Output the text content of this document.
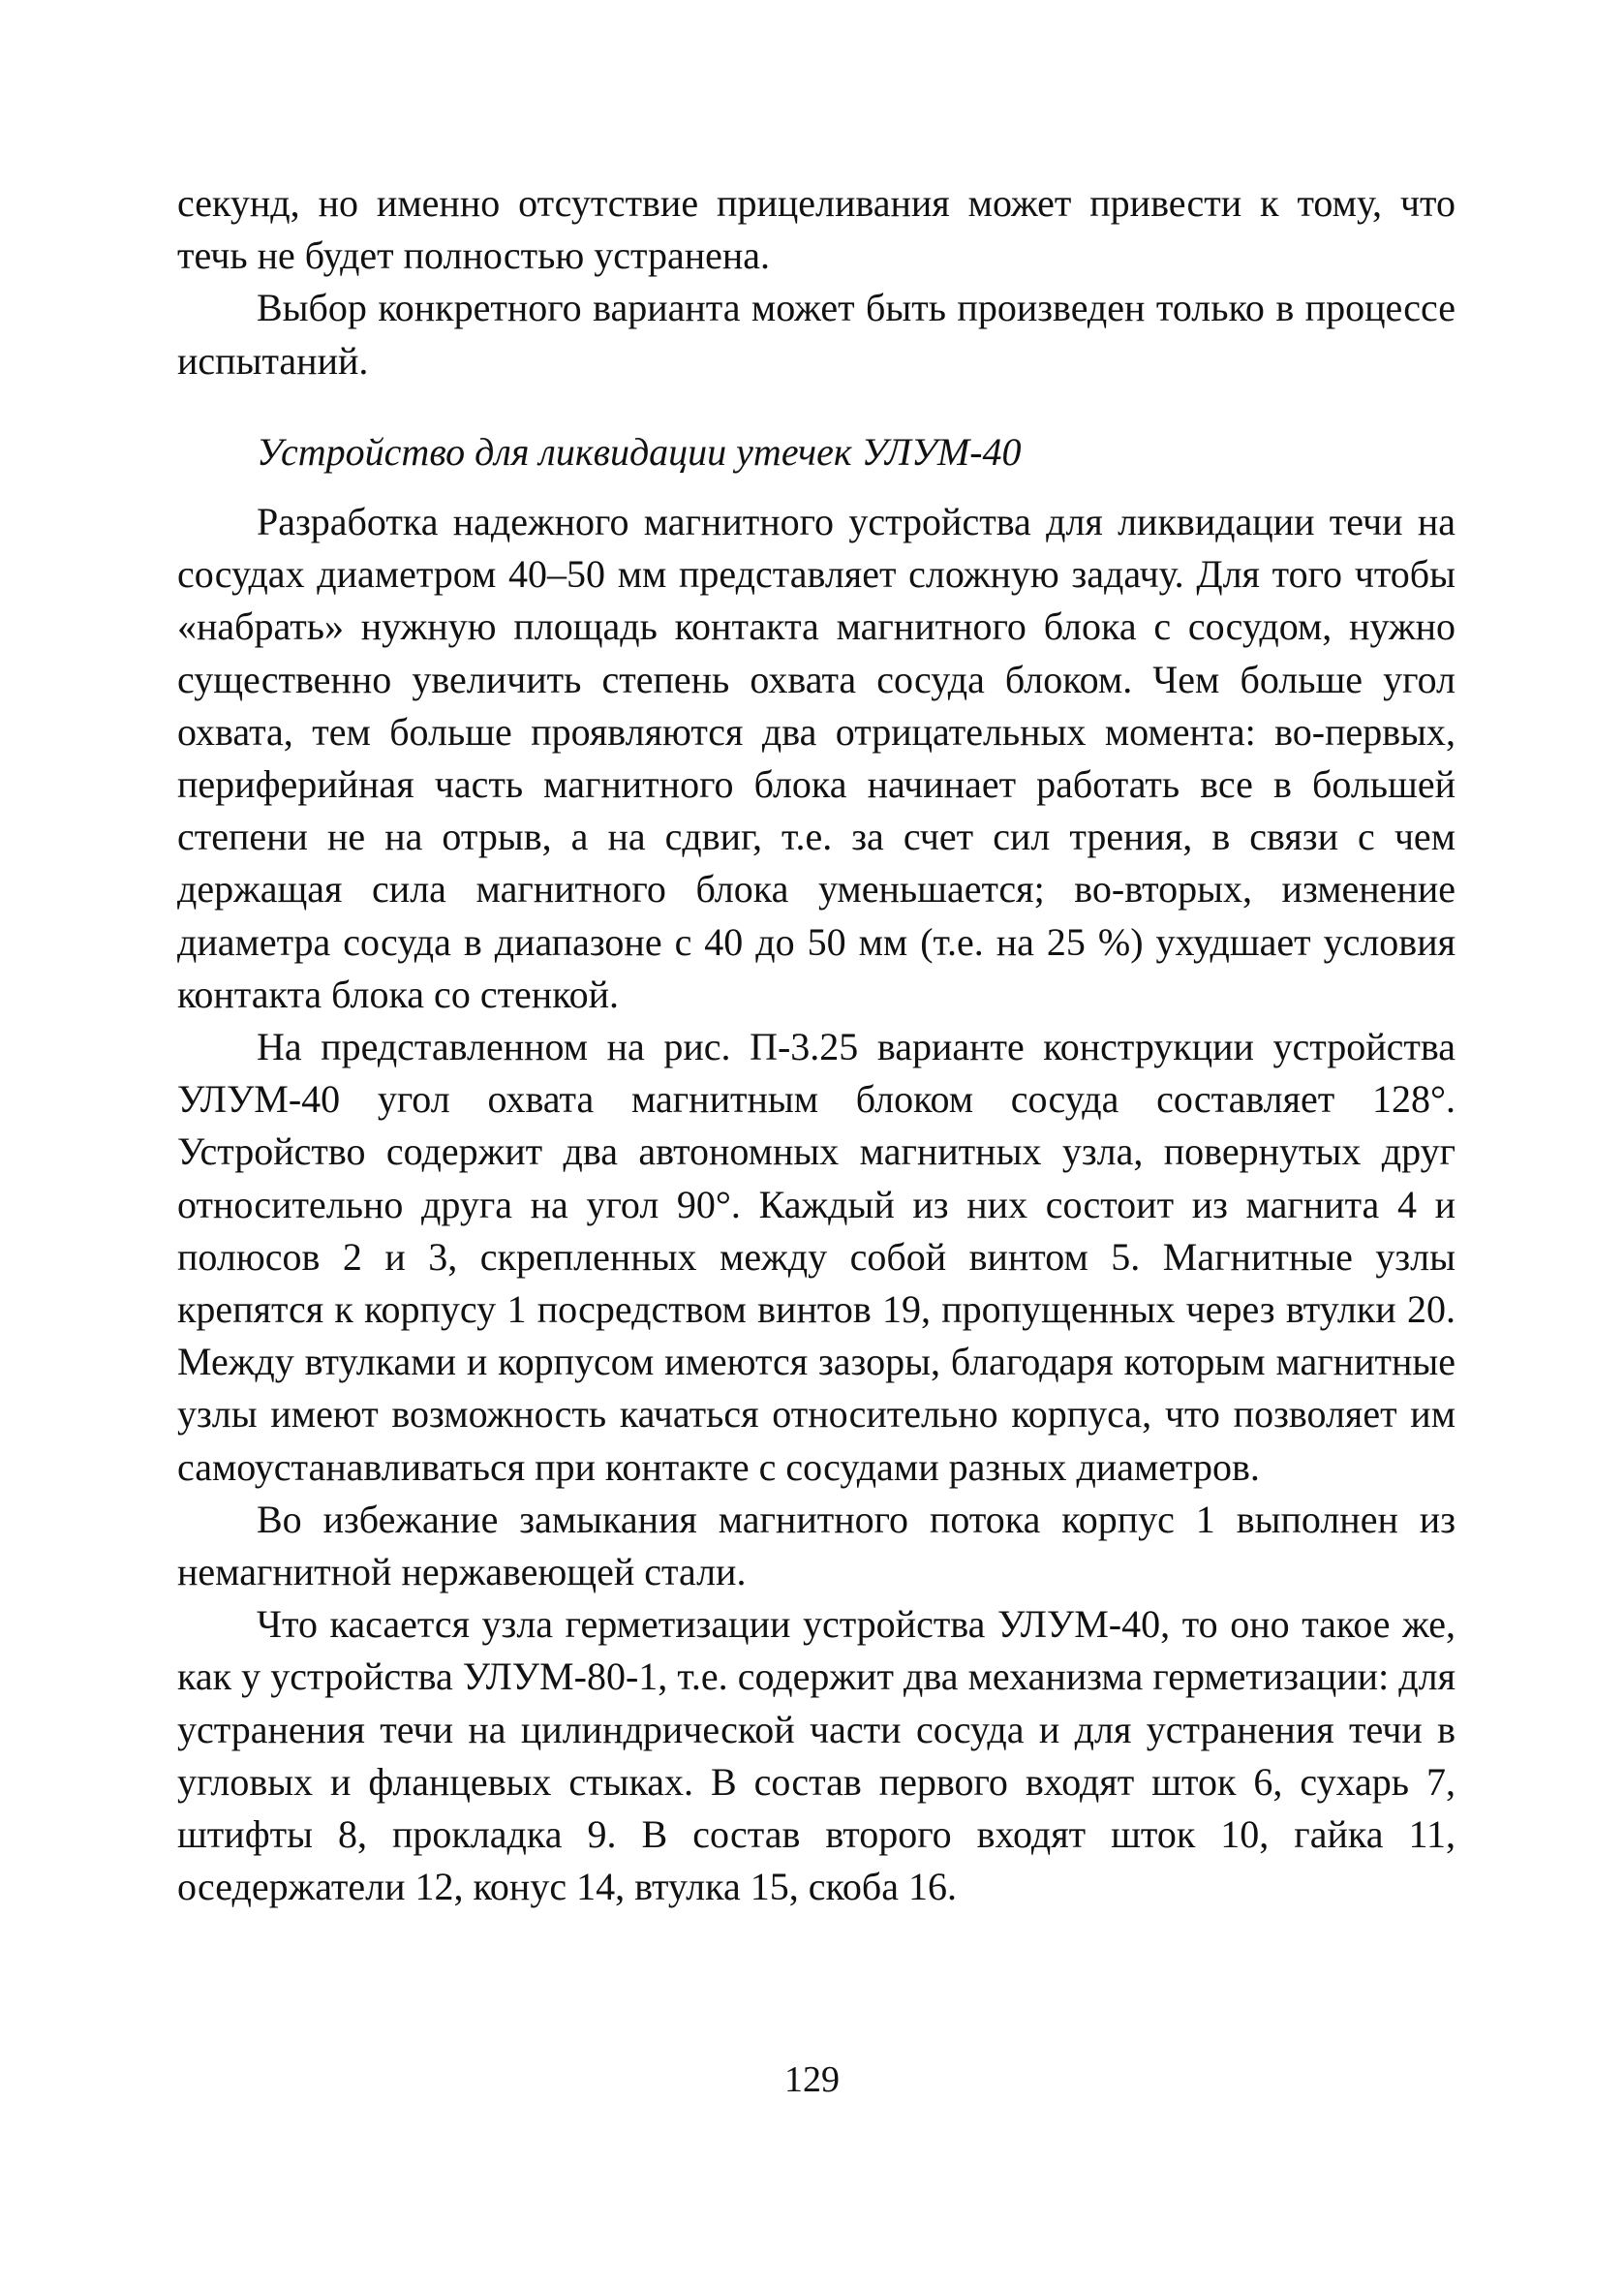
секунд, но именно отсутствие прицеливания может привести к тому, что течь не будет полностью устранена.

Выбор конкретного варианта может быть произведен только в процессе испытаний.

Устройство для ликвидации утечек УЛУМ-40

Разработка надежного магнитного устройства для ликвидации течи на сосудах диаметром 40–50 мм представляет сложную задачу. Для того чтобы «набрать» нужную площадь контакта магнитного блока с сосудом, нужно существенно увеличить степень охвата сосуда блоком. Чем больше угол охвата, тем больше проявляются два отрицательных момента: во-первых, периферийная часть магнитного блока начинает работать все в большей степени не на отрыв, а на сдвиг, т.е. за счет сил трения, в связи с чем держащая сила магнитного блока уменьшается; во-вторых, изменение диаметра сосуда в диапазоне с 40 до 50 мм (т.е. на 25 %) ухудшает условия контакта блока со стенкой.

На представленном на рис. П-3.25 варианте конструкции устройства УЛУМ-40 угол охвата магнитным блоком сосуда составляет 128°. Устройство содержит два автономных магнитных узла, повернутых друг относительно друга на угол 90°. Каждый из них состоит из магнита 4 и полюсов 2 и 3, скрепленных между собой винтом 5. Магнитные узлы крепятся к корпусу 1 посредством винтов 19, пропущенных через втулки 20. Между втулками и корпусом имеются зазоры, благодаря которым магнитные узлы имеют возможность качаться относительно корпуса, что позволяет им самоустанавливаться при контакте с сосудами разных диаметров.

Во избежание замыкания магнитного потока корпус 1 выполнен из немагнитной нержавеющей стали.

Что касается узла герметизации устройства УЛУМ-40, то оно такое же, как у устройства УЛУМ-80-1, т.е. содержит два механизма герметизации: для устранения течи на цилиндрической части сосуда и для устранения течи в угловых и фланцевых стыках. В состав первого входят шток 6, сухарь 7, штифты 8, прокладка 9. В состав второго входят шток 10, гайка 11, оседержатели 12, конус 14, втулка 15, скоба 16.

129
